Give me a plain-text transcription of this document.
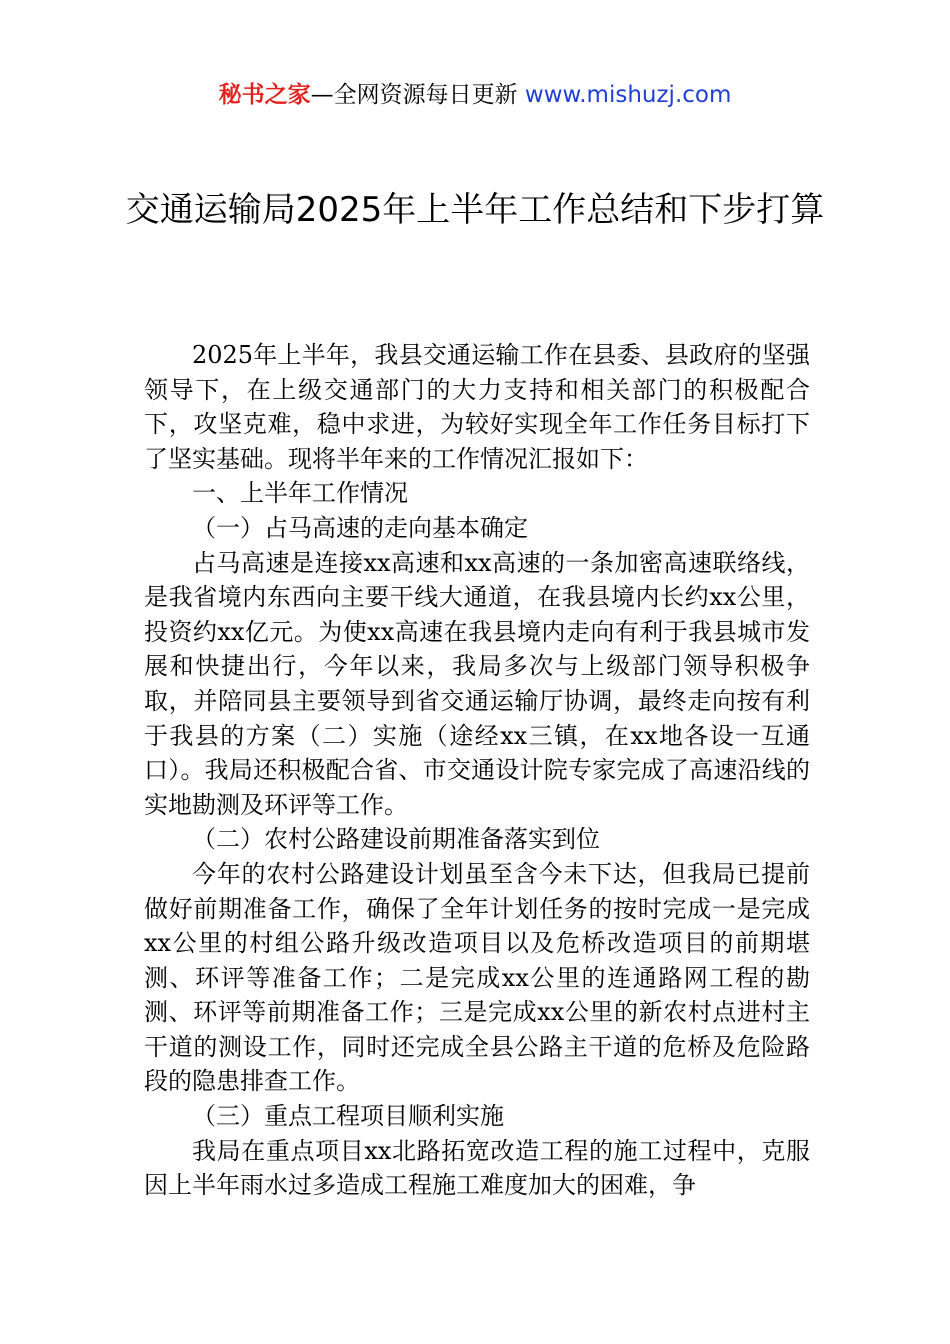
秘书之家—全网资源每日更新 www.mishuzj.com
交通运输局2025年上半年工作总结和下步打算

2025年上半年，我县交通运输工作在县委、县政府的坚强领导下，在上级交通部门的大力支持和相关部门的积极配合下，攻坚克难，稳中求进，为较好实现全年工作任务目标打下了坚实基础。现将半年来的工作情况汇报如下：

一、上半年工作情况

（一）占马高速的走向基本确定

占马高速是连接xx高速和xx高速的一条加密高速联络线，是我省境内东西向主要干线大通道，在我县境内长约xx公里，投资约xx亿元。为使xx高速在我县境内走向有利于我县城市发展和快捷出行，今年以来，我局多次与上级部门领导积极争取，并陪同县主要领导到省交通运输厅协调，最终走向按有利于我县的方案（二）实施（途经xx三镇，在xx地各设一互通口）。我局还积极配合省、市交通设计院专家完成了高速沿线的实地勘测及环评等工作。

（二）农村公路建设前期准备落实到位

今年的农村公路建设计划虽至含今未下达，但我局已提前做好前期准备工作，确保了全年计划任务的按时完成一是完成xx公里的村组公路升级改造项目以及危桥改造项目的前期堪测、环评等准备工作；二是完成xx公里的连通路网工程的勘测、环评等前期准备工作；三是完成xx公里的新农村点进村主干道的测设工作，同时还完成全县公路主干道的危桥及危险路段的隐患排查工作。

（三）重点工程项目顺利实施

我局在重点项目xx北路拓宽改造工程的施工过程中，克服因上半年雨水过多造成工程施工难度加大的困难，争
